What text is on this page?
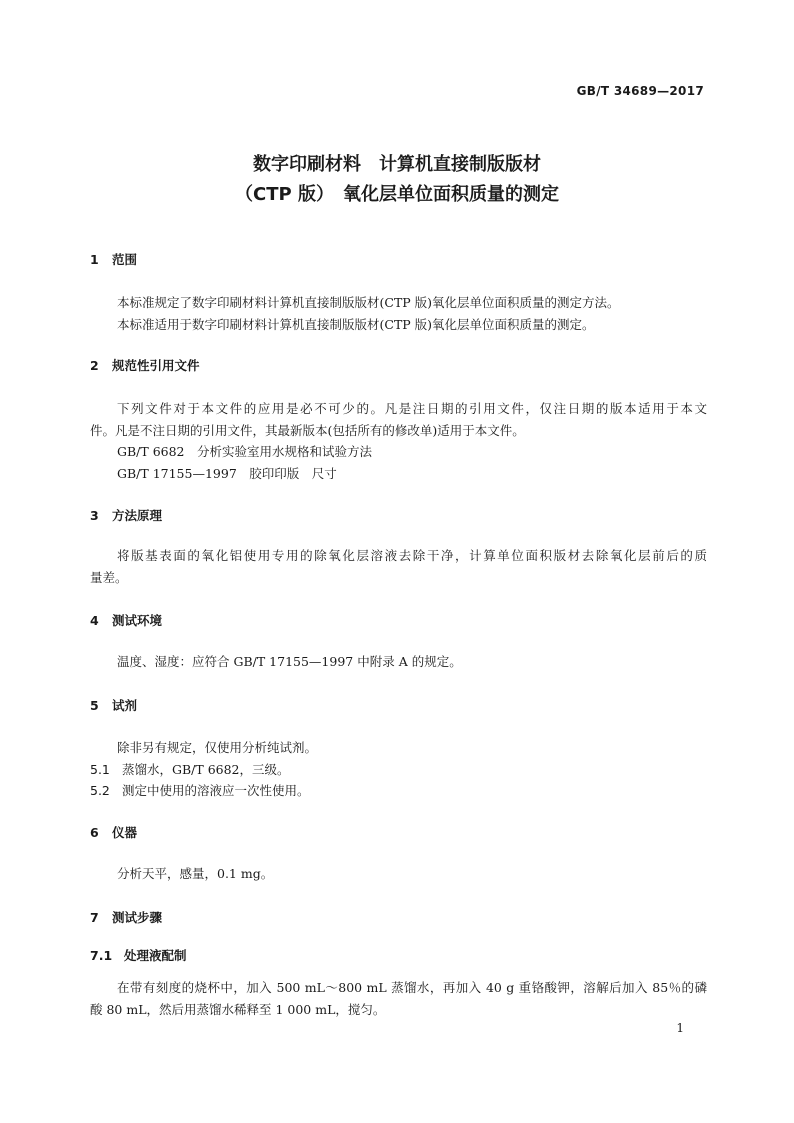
GB/T 34689—2017
数字印刷材料　计算机直接制版版材
（CTP 版）　氧化层单位面积质量的测定
1 范围
本标准规定了数字印刷材料计算机直接制版版材(CTP 版)氧化层单位面积质量的测定方法。
本标准适用于数字印刷材料计算机直接制版版材(CTP 版)氧化层单位面积质量的测定。
2 规范性引用文件
下列文件对于本文件的应用是必不可少的。凡是注日期的引用文件，仅注日期的版本适用于本文
件。凡是不注日期的引用文件，其最新版本(包括所有的修改单)适用于本文件。
GB/T 6682　分析实验室用水规格和试验方法
GB/T 17155—1997　胶印印版　尺寸
3 方法原理
将版基表面的氧化铝使用专用的除氧化层溶液去除干净，计算单位面积版材去除氧化层前后的质
量差。
4 测试环境
温度、湿度：应符合 GB/T 17155—1997 中附录 A 的规定。
5 试剂
除非另有规定，仅使用分析纯试剂。
5.1 蒸馏水，GB/T 6682，三级。
5.2 测定中使用的溶液应一次性使用。
6 仪器
分析天平，感量，0.1 mg。
7 测试步骤
7.1 处理液配制
在带有刻度的烧杯中，加入 500 mL～800 mL 蒸馏水，再加入 40 g 重铬酸钾，溶解后加入 85％的磷
酸 80 mL，然后用蒸馏水稀释至 1 000 mL，搅匀。
1
